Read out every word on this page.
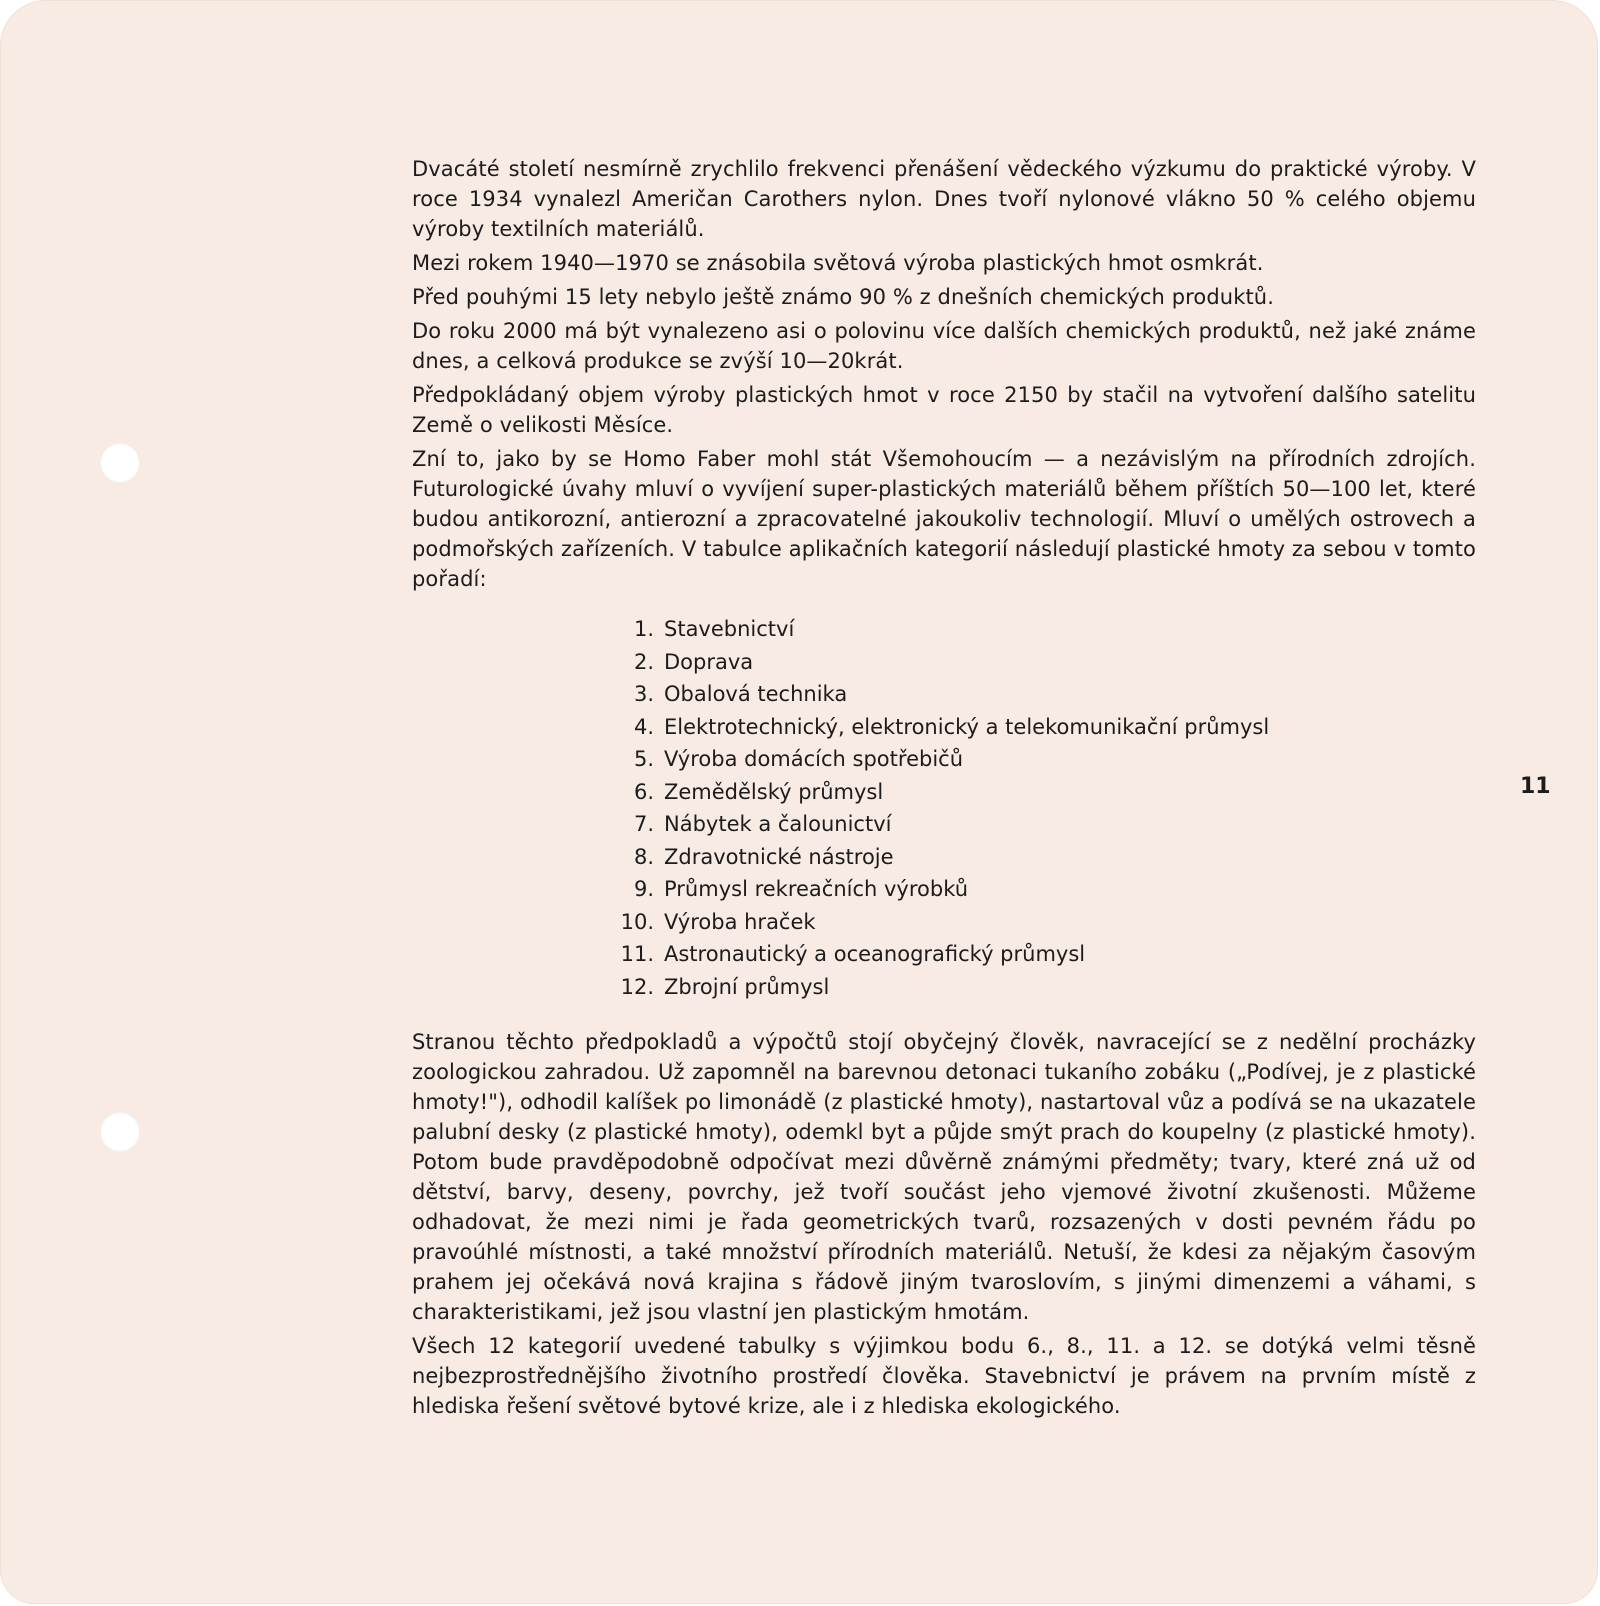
Dvacáté století nesmírně zrychlilo frekvenci přenášení vědeckého výzkumu do praktické výroby. V roce 1934 vynalezl Američan Carothers nylon. Dnes tvoří nylonové vlákno 50 % celého objemu výroby textilních materiálů.

Mezi rokem 1940—1970 se znásobila světová výroba plastických hmot osmkrát.

Před pouhými 15 lety nebylo ještě známo 90 % z dnešních chemických produktů.

Do roku 2000 má být vynalezeno asi o polovinu více dalších chemických produktů, než jaké známe dnes, a celková produkce se zvýší 10—20krát.

Předpokládaný objem výroby plastických hmot v roce 2150 by stačil na vytvoření dalšího satelitu Země o velikosti Měsíce.

Zní to, jako by se Homo Faber mohl stát Všemohoucím — a nezávislým na přírodních zdrojích. Futurologické úvahy mluví o vyvíjení super-plastických materiálů během příštích 50—100 let, které budou antikorozní, antierozní a zpracovatelné jakoukoliv technologií. Mluví o umělých ostrovech a podmořských zařízeních. V tabulce aplikačních kategorií následují plastické hmoty za sebou v tomto pořadí:

1. Stavebnictví
2. Doprava
3. Obalová technika
4. Elektrotechnický, elektronický a telekomunikační průmysl
5. Výroba domácích spotřebičů
6. Zemědělský průmysl
7. Nábytek a čalounictví
8. Zdravotnické nástroje
9. Průmysl rekreačních výrobků
10. Výroba hraček
11. Astronautický a oceanografický průmysl
12. Zbrojní průmysl

Stranou těchto předpokladů a výpočtů stojí obyčejný člověk, navracející se z nedělní procházky zoologickou zahradou. Už zapomněl na barevnou detonaci tukaního zobáku („Podívej, je z plastické hmoty!"), odhodil kalíšek po limonádě (z plastické hmoty), nastartoval vůz a podívá se na ukazatele palubní desky (z plastické hmoty), odemkl byt a půjde smýt prach do koupelny (z plastické hmoty). Potom bude pravděpodobně odpočívat mezi důvěrně známými předměty; tvary, které zná už od dětství, barvy, deseny, povrchy, jež tvoří součást jeho vjemové životní zkušenosti. Můžeme odhadovat, že mezi nimi je řada geometrických tvarů, rozsazených v dosti pevném řádu po pravoúhlé místnosti, a také množství přírodních materiálů. Netuší, že kdesi za nějakým časovým prahem jej očekává nová krajina s řádově jiným tvaroslovím, s jinými dimenzemi a váhami, s charakteristikami, jež jsou vlastní jen plastickým hmotám.

Všech 12 kategorií uvedené tabulky s výjimkou bodu 6., 8., 11. a 12. se dotýká velmi těsně nejbezprostřednějšího životního prostředí člověka. Stavebnictví je právem na prvním místě z hlediska řešení světové bytové krize, ale i z hlediska ekologického.

11
